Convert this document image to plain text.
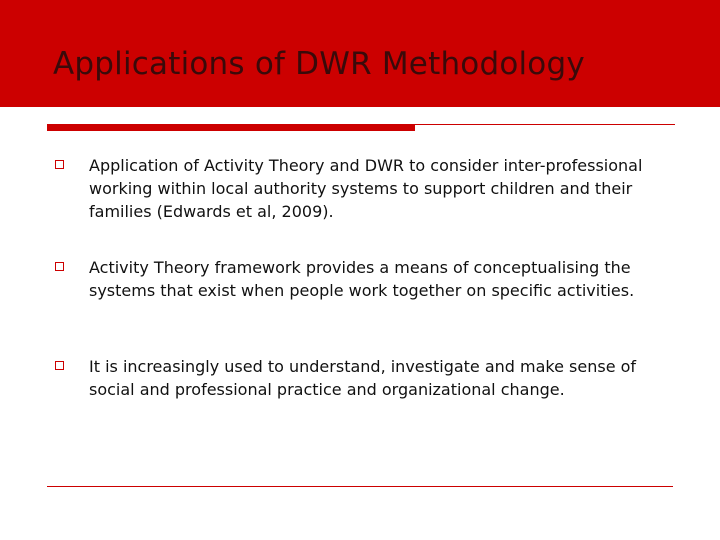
Applications of DWR Methodology

Application of Activity Theory and DWR to consider inter-professional working within local authority systems to support children and their families (Edwards et al, 2009).

Activity Theory framework provides a means of conceptualising the systems that exist when people work together on specific activities.

It is increasingly used to understand, investigate and make sense of social and professional practice and organizational change.
